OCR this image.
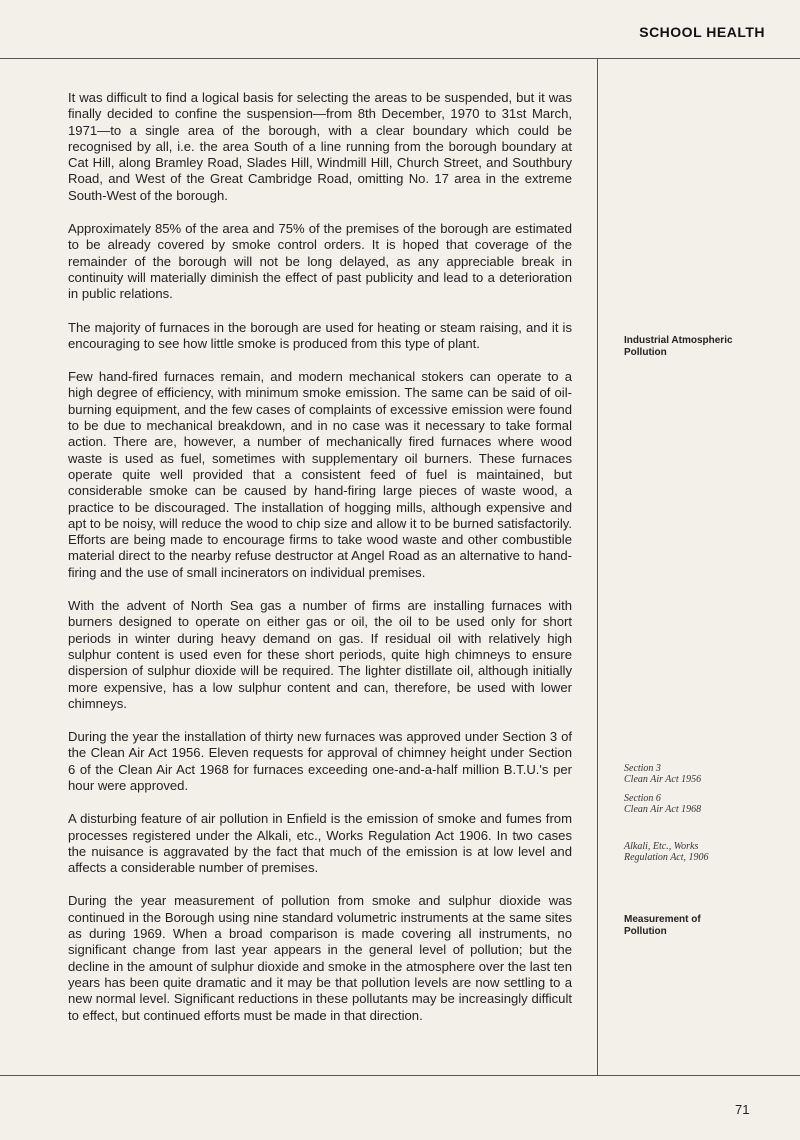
SCHOOL HEALTH

It was difficult to find a logical basis for selecting the areas to be suspended, but it was finally decided to confine the suspension—from 8th December, 1970 to 31st March, 1971—to a single area of the borough, with a clear boundary which could be recognised by all, i.e. the area South of a line running from the borough boundary at Cat Hill, along Bramley Road, Slades Hill, Windmill Hill, Church Street, and Southbury Road, and West of the Great Cambridge Road, omitting No. 17 area in the extreme South-West of the borough.

Approximately 85% of the area and 75% of the premises of the borough are estimated to be already covered by smoke control orders. It is hoped that coverage of the remainder of the borough will not be long delayed, as any appreciable break in continuity will materially diminish the effect of past publicity and lead to a deterioration in public relations.

The majority of furnaces in the borough are used for heating or steam raising, and it is encouraging to see how little smoke is produced from this type of plant.

Few hand-fired furnaces remain, and modern mechanical stokers can operate to a high degree of efficiency, with minimum smoke emission. The same can be said of oil-burning equipment, and the few cases of complaints of excessive emission were found to be due to mechanical breakdown, and in no case was it necessary to take formal action. There are, however, a number of mechanically fired furnaces where wood waste is used as fuel, sometimes with supplementary oil burners. These furnaces operate quite well provided that a consistent feed of fuel is maintained, but considerable smoke can be caused by hand-firing large pieces of waste wood, a practice to be discouraged. The installation of hogging mills, although expensive and apt to be noisy, will reduce the wood to chip size and allow it to be burned satisfactorily. Efforts are being made to encourage firms to take wood waste and other combustible material direct to the nearby refuse destructor at Angel Road as an alternative to hand-firing and the use of small incinerators on individual premises.

With the advent of North Sea gas a number of firms are installing furnaces with burners designed to operate on either gas or oil, the oil to be used only for short periods in winter during heavy demand on gas. If residual oil with relatively high sulphur content is used even for these short periods, quite high chimneys to ensure dispersion of sulphur dioxide will be required. The lighter distillate oil, although initially more expensive, has a low sulphur content and can, therefore, be used with lower chimneys.

During the year the installation of thirty new furnaces was approved under Section 3 of the Clean Air Act 1956. Eleven requests for approval of chimney height under Section 6 of the Clean Air Act 1968 for furnaces exceeding one-and-a-half million B.T.U.'s per hour were approved.

A disturbing feature of air pollution in Enfield is the emission of smoke and fumes from processes registered under the Alkali, etc., Works Regulation Act 1906. In two cases the nuisance is aggravated by the fact that much of the emission is at low level and affects a considerable number of premises.

During the year measurement of pollution from smoke and sulphur dioxide was continued in the Borough using nine standard volumetric instruments at the same sites as during 1969. When a broad comparison is made covering all instruments, no significant change from last year appears in the general level of pollution; but the decline in the amount of sulphur dioxide and smoke in the atmosphere over the last ten years has been quite dramatic and it may be that pollution levels are now settling to a new normal level. Significant reductions in these pollutants may be increasingly difficult to effect, but continued efforts must be made in that direction.

Industrial Atmospheric Pollution
Section 3
Clean Air Act 1956
Section 6
Clean Air Act 1968
Alkali, Etc., Works
Regulation Act, 1906
Measurement of Pollution
71
